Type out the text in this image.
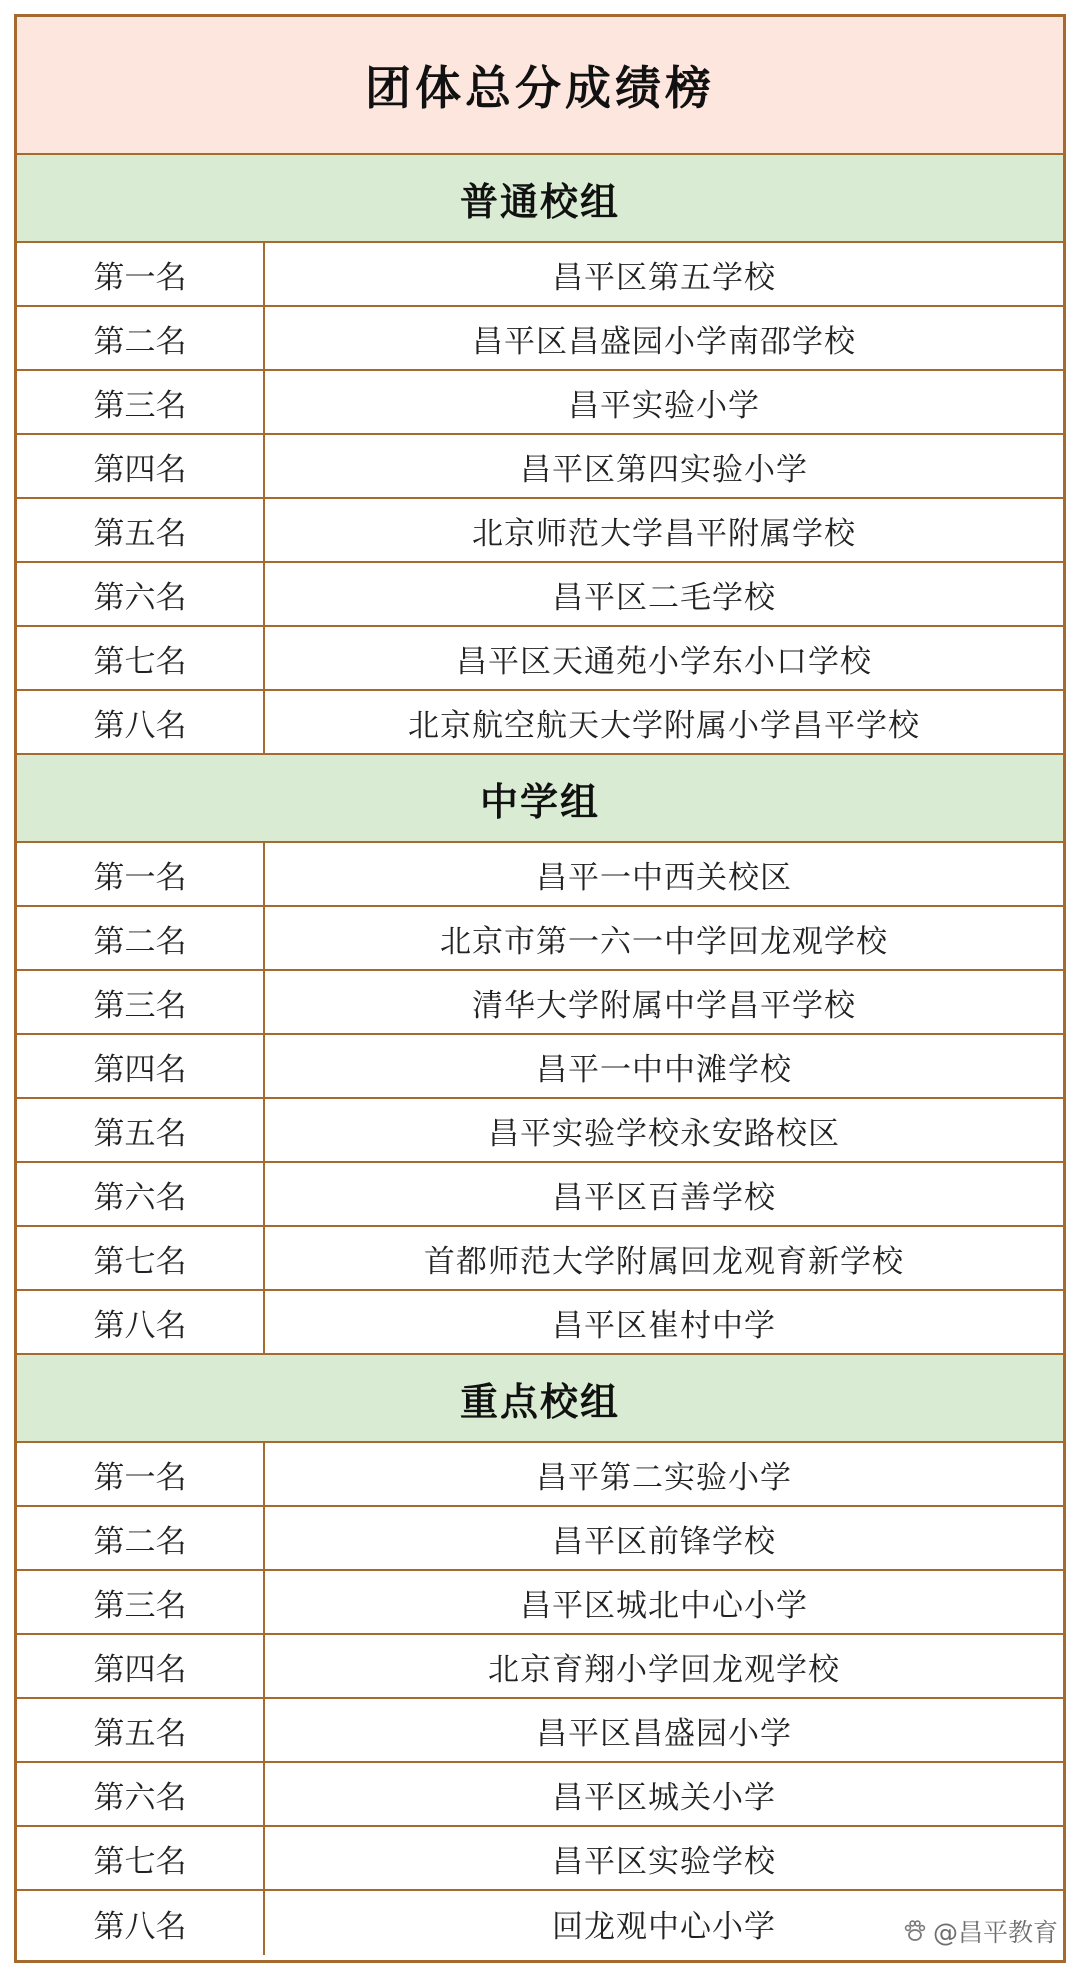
团体总分成绩榜
普通校组
第一名	昌平区第五学校
第二名	昌平区昌盛园小学南邵学校
第三名	昌平实验小学
第四名	昌平区第四实验小学
第五名	北京师范大学昌平附属学校
第六名	昌平区二毛学校
第七名	昌平区天通苑小学东小口学校
第八名	北京航空航天大学附属小学昌平学校
中学组
第一名	昌平一中西关校区
第二名	北京市第一六一中学回龙观学校
第三名	清华大学附属中学昌平学校
第四名	昌平一中中滩学校
第五名	昌平实验学校永安路校区
第六名	昌平区百善学校
第七名	首都师范大学附属回龙观育新学校
第八名	昌平区崔村中学
重点校组
第一名	昌平第二实验小学
第二名	昌平区前锋学校
第三名	昌平区城北中心小学
第四名	北京育翔小学回龙观学校
第五名	昌平区昌盛园小学
第六名	昌平区城关小学
第七名	昌平区实验学校
第八名	回龙观中心小学	@昌平教育
